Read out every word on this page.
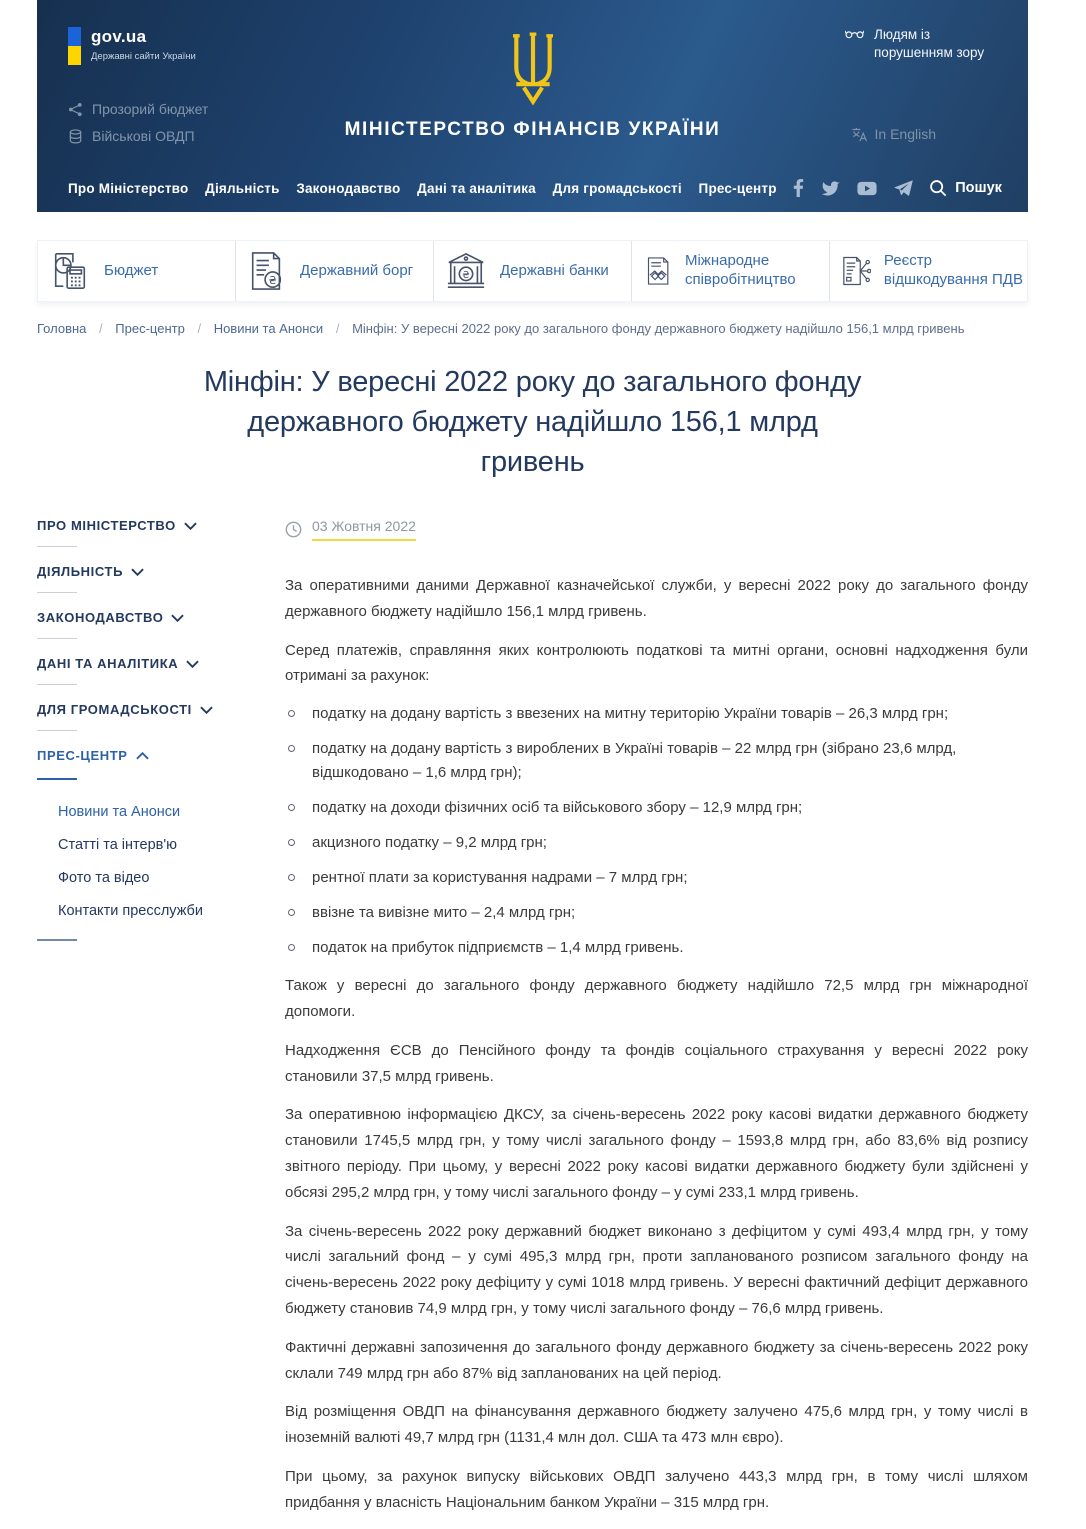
gov.ua
Державні сайти України
Людям із порушенням зору
МІНІСТЕРСТВО ФІНАНСІВ УКРАЇНИ
Прозорий бюджет
Військові ОВДП	In English
Про Міністерство Діяльність Законодавство Дані та аналітика Для громадськості Прес-центр	Пошук
Бюджет
₴
Державний борг	₴ Державні банки
Міжнародне співробітництво
Реєстр відшкодування ПДВ
Головна / Прес-центр / Новини та Анонси / Мінфін: У вересні 2022 року до загального фонду державного бюджету надійшло 156,1 млрд гривень
Мінфін: У вересні 2022 року до загального фонду державного бюджету надійшло 156,1 млрд гривень
ПРО МІНІСТЕРСТВО
ДІЯЛЬНІСТЬ
ЗАКОНОДАВСТВО
ДАНІ ТА АНАЛІТИКА
ДЛЯ ГРОМАДСЬКОСТІ
ПРЕС-ЦЕНТР
Новини та Анонси
Статті та інтерв'ю
Фото та відео
Контакти пресслужби
03 Жовтня 2022

За оперативними даними Державної казначейської служби, у вересні 2022 року до загального фонду державного бюджету надійшло 156,1 млрд гривень.

Серед платежів, справляння яких контролюють податкові та митні органи, основні надходження були отримані за рахунок:

податку на додану вартість з ввезених на митну територію України товарів – 26,3 млрд грн;
податку на додану вартість з вироблених в Україні товарів – 22 млрд грн (зібрано 23,6 млрд, відшкодовано – 1,6 млрд грн);
податку на доходи фізичних осіб та військового збору – 12,9 млрд грн;
акцизного податку – 9,2 млрд грн;
рентної плати за користування надрами – 7 млрд грн;
ввізне та вивізне мито – 2,4 млрд грн;
податок на прибуток підприємств – 1,4 млрд гривень.

Також у вересні до загального фонду державного бюджету надійшло 72,5 млрд грн міжнародної допомоги.

Надходження ЄСВ до Пенсійного фонду та фондів соціального страхування у вересні 2022 року становили 37,5 млрд гривень.

За оперативною інформацією ДКСУ, за січень-вересень 2022 року касові видатки державного бюджету становили 1745,5 млрд грн, у тому числі загального фонду – 1593,8 млрд грн, або 83,6% від розпису звітного періоду. При цьому, у вересні 2022 року касові видатки державного бюджету були здійснені у обсязі 295,2 млрд грн, у тому числі загального фонду – у сумі 233,1 млрд гривень.

За січень-вересень 2022 року державний бюджет виконано з дефіцитом у сумі 493,4 млрд грн, у тому числі загальний фонд – у сумі 495,3 млрд грн, проти запланованого розписом загального фонду на січень-вересень 2022 року дефіциту у сумі 1018 млрд гривень. У вересні фактичний дефіцит державного бюджету становив 74,9 млрд грн, у тому числі загального фонду – 76,6 млрд гривень.

Фактичні державні запозичення до загального фонду державного бюджету за січень-вересень 2022 року склали 749 млрд грн або 87% від запланованих на цей період.

Від розміщення ОВДП на фінансування державного бюджету залучено 475,6 млрд грн, у тому числі в іноземній валюті 49,7 млрд грн (1131,4 млн дол. США та 473 млн євро).

При цьому, за рахунок випуску військових ОВДП залучено 443,3 млрд грн, в тому числі шляхом придбання у власність Національним банком України – 315 млрд грн.
